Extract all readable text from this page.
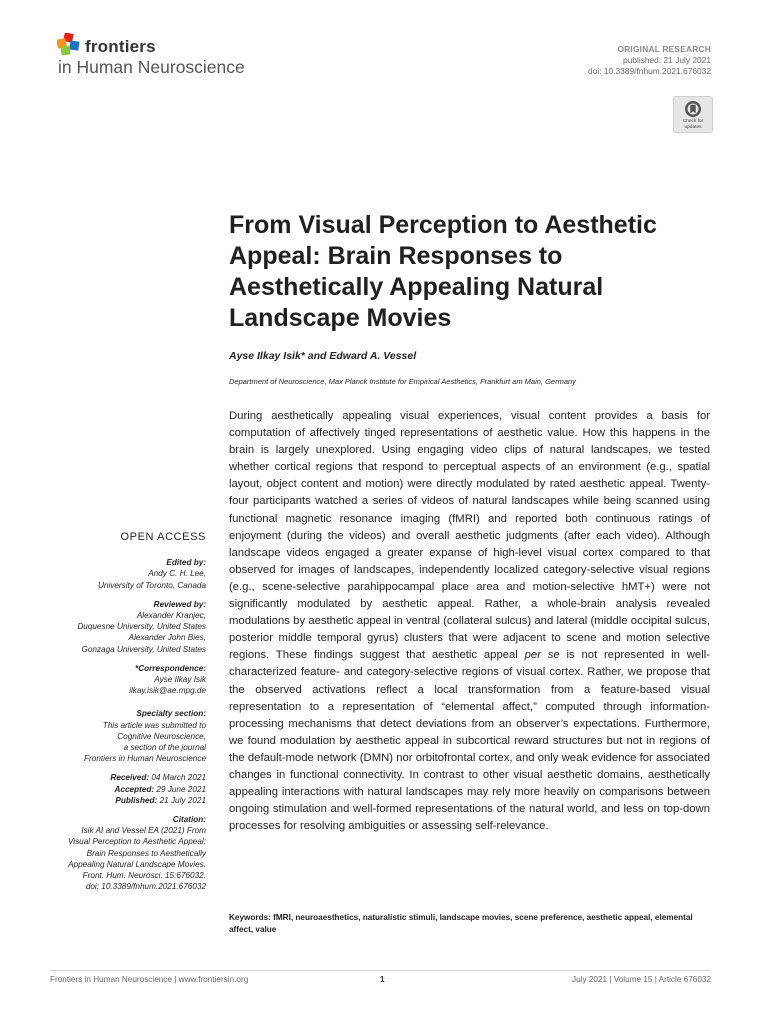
frontiers
in Human Neuroscience
ORIGINAL RESEARCH
published: 21 July 2021
doi: 10.3389/fnhum.2021.676032
Check for updates
From Visual Perception to Aesthetic Appeal: Brain Responses to Aesthetically Appealing Natural Landscape Movies
Ayse Ilkay Isik* and Edward A. Vessel
Department of Neuroscience, Max Planck Institute for Empirical Aesthetics, Frankfurt am Main, Germany
OPEN ACCESS
Edited by:
Andy C. H. Lee,
University of Toronto, Canada
Reviewed by:
Alexander Kranjec,
Duquesne University, United States
Alexander John Bies,
Gonzaga University, United States
*Correspondence:
Ayse Ilkay Isik
ilkay.isik@ae.mpg.de
Specialty section:
This article was submitted to
Cognitive Neuroscience,
a section of the journal
Frontiers in Human Neuroscience
Received: 04 March 2021
Accepted: 29 June 2021
Published: 21 July 2021
Citation:
Isik AI and Vessel EA (2021) From
Visual Perception to Aesthetic Appeal:
Brain Responses to Aesthetically
Appealing Natural Landscape Movies.
Front. Hum. Neurosci. 15:676032.
doi: 10.3389/fnhum.2021.676032

During aesthetically appealing visual experiences, visual content provides a basis for computation of affectively tinged representations of aesthetic value. How this happens in the brain is largely unexplored. Using engaging video clips of natural landscapes, we tested whether cortical regions that respond to perceptual aspects of an environment (e.g., spatial layout, object content and motion) were directly modulated by rated aesthetic appeal. Twenty-four participants watched a series of videos of natural landscapes while being scanned using functional magnetic resonance imaging (fMRI) and reported both continuous ratings of enjoyment (during the videos) and overall aesthetic judgments (after each video). Although landscape videos engaged a greater expanse of high-level visual cortex compared to that observed for images of landscapes, independently localized category-selective visual regions (e.g., scene-selective parahippocampal place area and motion-selective hMT+) were not significantly modulated by aesthetic appeal. Rather, a whole-brain analysis revealed modulations by aesthetic appeal in ventral (collateral sulcus) and lateral (middle occipital sulcus, posterior middle temporal gyrus) clusters that were adjacent to scene and motion selective regions. These findings suggest that aesthetic appeal per se is not represented in well-characterized feature- and category-selective regions of visual cortex. Rather, we propose that the observed activations reflect a local transformation from a feature-based visual representation to a representation of “elemental affect,” computed through information-processing mechanisms that detect deviations from an observer’s expectations. Furthermore, we found modulation by aesthetic appeal in subcortical reward structures but not in regions of the default-mode network (DMN) nor orbitofrontal cortex, and only weak evidence for associated changes in functional connectivity. In contrast to other visual aesthetic domains, aesthetically appealing interactions with natural landscapes may rely more heavily on comparisons between ongoing stimulation and well-formed representations of the natural world, and less on top-down processes for resolving ambiguities or assessing self-relevance.

Keywords: fMRI, neuroaesthetics, naturalistic stimuli, landscape movies, scene preference, aesthetic appeal, elemental affect, value
Frontiers in Human Neuroscience | www.frontiersin.org	1	July 2021 | Volume 15 | Article 676032
